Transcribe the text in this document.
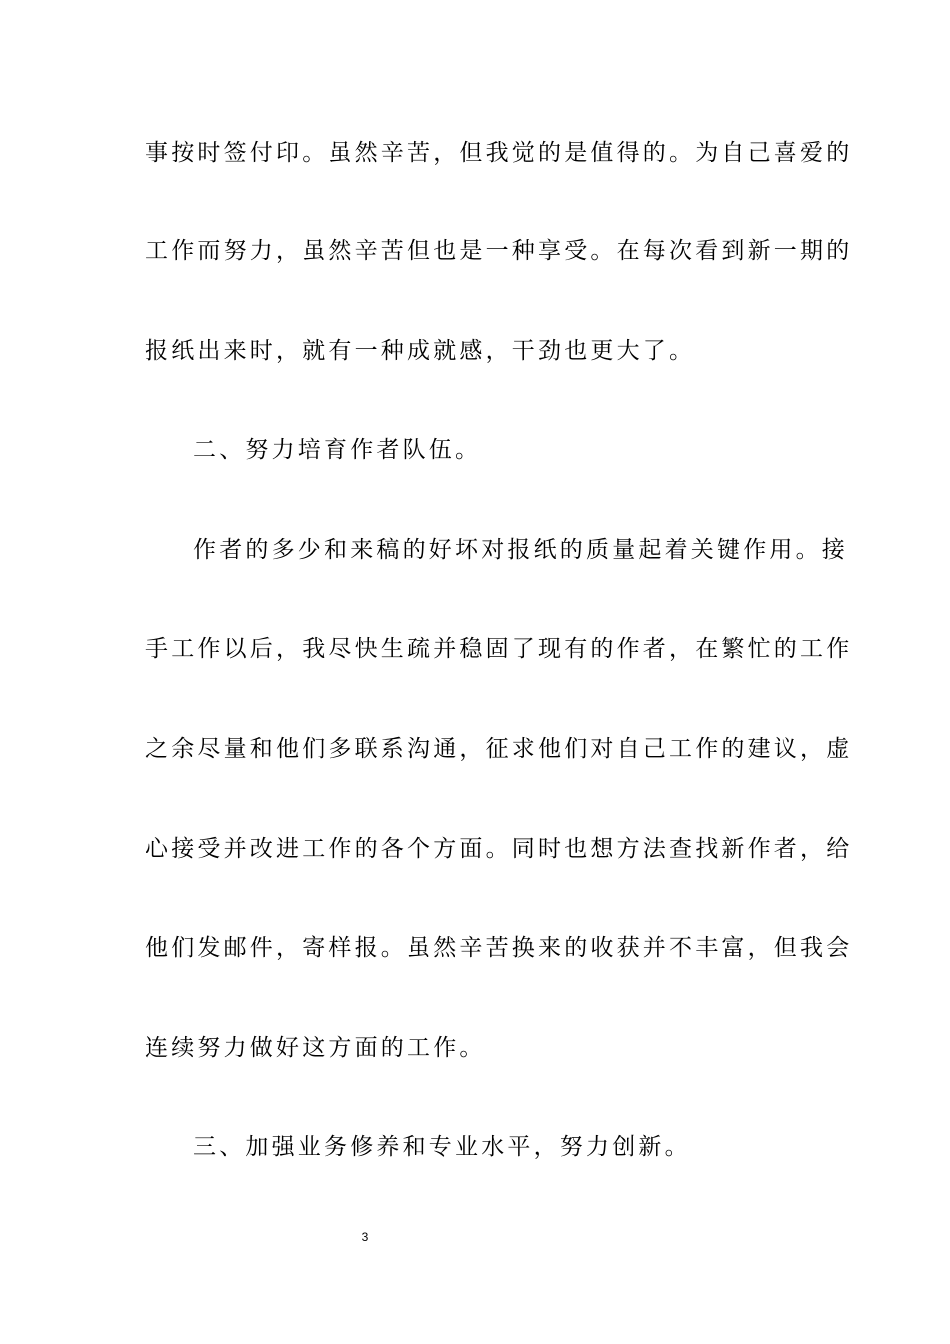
事按时签付印。虽然辛苦，但我觉的是值得的。为自己喜爱的
工作而努力，虽然辛苦但也是一种享受。在每次看到新一期的
报纸出来时，就有一种成就感，干劲也更大了。
二、努力培育作者队伍。
作者的多少和来稿的好坏对报纸的质量起着关键作用。接
手工作以后，我尽快生疏并稳固了现有的作者，在繁忙的工作
之余尽量和他们多联系沟通，征求他们对自己工作的建议，虚
心接受并改进工作的各个方面。同时也想方法查找新作者，给
他们发邮件，寄样报。虽然辛苦换来的收获并不丰富，但我会
连续努力做好这方面的工作。
三、加强业务修养和专业水平，努力创新。
3
